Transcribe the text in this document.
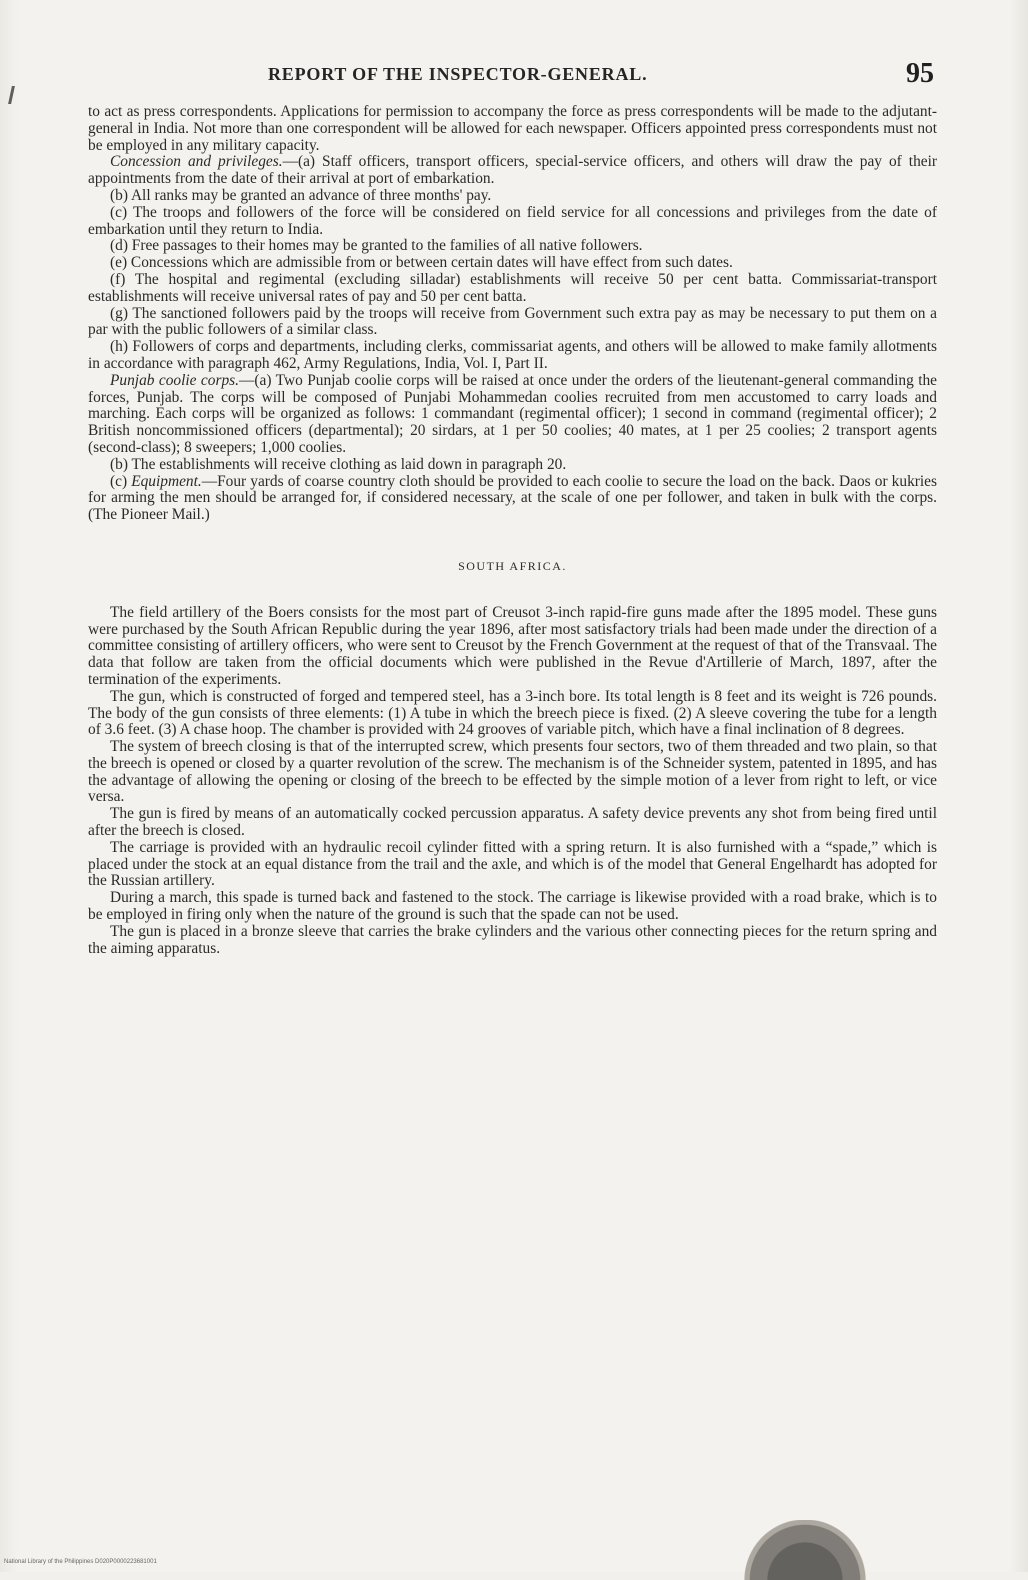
REPORT OF THE INSPECTOR-GENERAL.	95

to act as press correspondents. Applications for permission to accompany the force as press correspondents will be made to the adjutant-general in India. Not more than one correspondent will be allowed for each newspaper. Officers appointed press correspondents must not be employed in any military capacity.

Concession and privileges.—(a) Staff officers, transport officers, special-service officers, and others will draw the pay of their appointments from the date of their arrival at port of embarkation.

(b) All ranks may be granted an advance of three months' pay.

(c) The troops and followers of the force will be considered on field service for all concessions and privileges from the date of embarkation until they return to India.

(d) Free passages to their homes may be granted to the families of all native followers.

(e) Concessions which are admissible from or between certain dates will have effect from such dates.

(f) The hospital and regimental (excluding silladar) establishments will receive 50 per cent batta. Commissariat-transport establishments will receive universal rates of pay and 50 per cent batta.

(g) The sanctioned followers paid by the troops will receive from Government such extra pay as may be necessary to put them on a par with the public followers of a similar class.

(h) Followers of corps and departments, including clerks, commissariat agents, and others will be allowed to make family allotments in accordance with paragraph 462, Army Regulations, India, Vol. I, Part II.

Punjab coolie corps.—(a) Two Punjab coolie corps will be raised at once under the orders of the lieutenant-general commanding the forces, Punjab. The corps will be composed of Punjabi Mohammedan coolies recruited from men accustomed to carry loads and marching. Each corps will be organized as follows: 1 commandant (regimental officer); 1 second in command (regimental officer); 2 British noncommissioned officers (departmental); 20 sirdars, at 1 per 50 coolies; 40 mates, at 1 per 25 coolies; 2 transport agents (second-class); 8 sweepers; 1,000 coolies.

(b) The establishments will receive clothing as laid down in paragraph 20.

(c) Equipment.—Four yards of coarse country cloth should be provided to each coolie to secure the load on the back. Daos or kukries for arming the men should be arranged for, if considered necessary, at the scale of one per follower, and taken in bulk with the corps. (The Pioneer Mail.)

SOUTH AFRICA.

The field artillery of the Boers consists for the most part of Creusot 3-inch rapid-fire guns made after the 1895 model. These guns were purchased by the South African Republic during the year 1896, after most satisfactory trials had been made under the direction of a committee consisting of artillery officers, who were sent to Creusot by the French Government at the request of that of the Transvaal. The data that follow are taken from the official documents which were published in the Revue d'Artillerie of March, 1897, after the termination of the experiments.

The gun, which is constructed of forged and tempered steel, has a 3-inch bore. Its total length is 8 feet and its weight is 726 pounds. The body of the gun consists of three elements: (1) A tube in which the breech piece is fixed. (2) A sleeve covering the tube for a length of 3.6 feet. (3) A chase hoop. The chamber is provided with 24 grooves of variable pitch, which have a final inclination of 8 degrees.

The system of breech closing is that of the interrupted screw, which presents four sectors, two of them threaded and two plain, so that the breech is opened or closed by a quarter revolution of the screw. The mechanism is of the Schneider system, patented in 1895, and has the advantage of allowing the opening or closing of the breech to be effected by the simple motion of a lever from right to left, or vice versa.

The gun is fired by means of an automatically cocked percussion apparatus. A safety device prevents any shot from being fired until after the breech is closed.

The carriage is provided with an hydraulic recoil cylinder fitted with a spring return. It is also furnished with a “spade,” which is placed under the stock at an equal distance from the trail and the axle, and which is of the model that General Engelhardt has adopted for the Russian artillery.

During a march, this spade is turned back and fastened to the stock. The carriage is likewise provided with a road brake, which is to be employed in firing only when the nature of the ground is such that the spade can not be used.

The gun is placed in a bronze sleeve that carries the brake cylinders and the various other connecting pieces for the return spring and the aiming apparatus.

National Library of the Philippines D020P0000223681001
